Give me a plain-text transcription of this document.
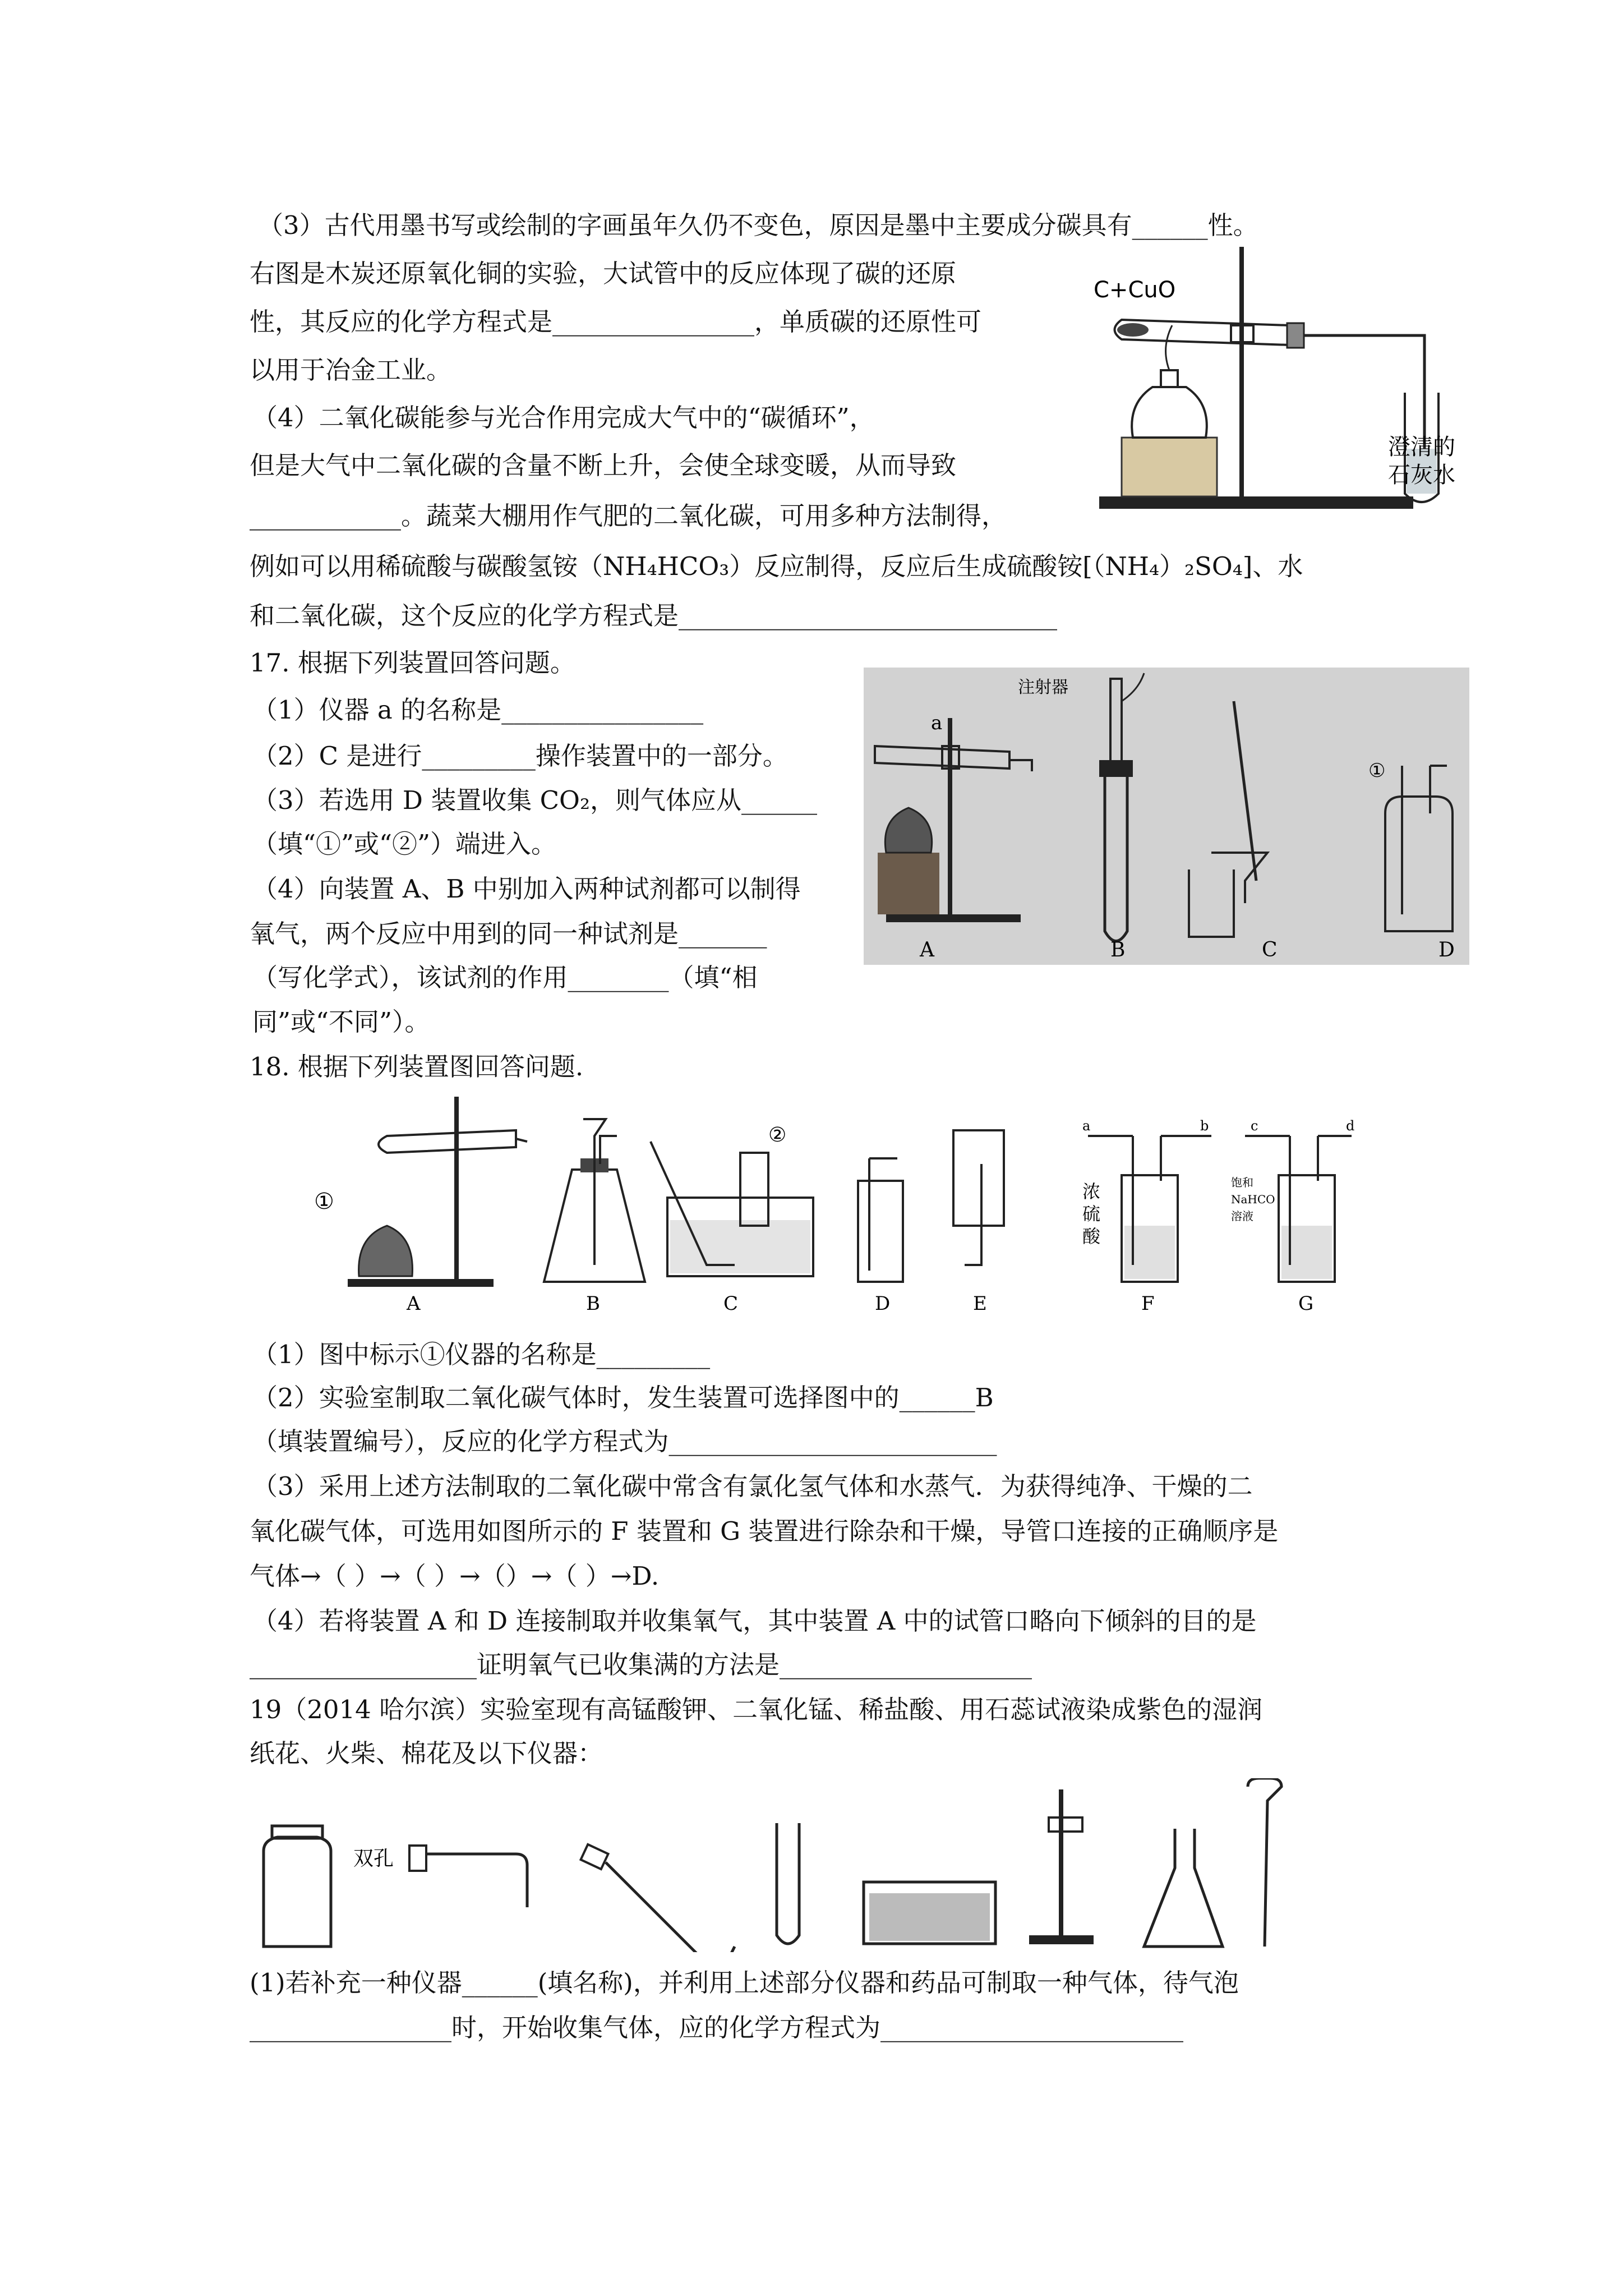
（3）古代用墨书写或绘制的字画虽年久仍不变色，原因是墨中主要成分碳具有______性。
右图是木炭还原氧化铜的实验，大试管中的反应体现了碳的还原
性，其反应的化学方程式是________________，单质碳的还原性可
以用于冶金工业。
（4）二氧化碳能参与光合作用完成大气中的“碳循环”，
但是大气中二氧化碳的含量不断上升，会使全球变暖，从而导致
____________。蔬菜大棚用作气肥的二氧化碳，可用多种方法制得，
例如可以用稀硫酸与碳酸氢铵（NH₄HCO₃）反应制得，反应后生成硫酸铵[（NH₄）₂SO₄]、水
和二氧化碳，这个反应的化学方程式是______________________________
C+CuO
澄清的
石灰水
17. 根据下列装置回答问题。
（1）仪器 a 的名称是________________
（2）C 是进行_________操作装置中的一部分。
（3）若选用 D 装置收集 CO₂，则气体应从______
（填“①”或“②”）端进入。
（4）向装置 A、B 中别加入两种试剂都可以制得
氧气，两个反应中用到的同一种试剂是_______
（写化学式），该试剂的作用________（填“相
同”或“不同”）。
a
注射器
①
A	B	C	D
18. 根据下列装置图回答问题.
①
②	a	b
浓
硫
酸
c	d
饱和
NaHCO
溶液
A	B	C	D	E	F	G
（1）图中标示①仪器的名称是_________
（2）实验室制取二氧化碳气体时，发生装置可选择图中的______B
（填装置编号），反应的化学方程式为__________________________
（3）采用上述方法制取的二氧化碳中常含有氯化氢气体和水蒸气．为获得纯净、干燥的二
氧化碳气体，可选用如图所示的 F 装置和 G 装置进行除杂和干燥，导管口连接的正确顺序是
气体→（ ）→（ ）→（）→（ ）→D.
（4）若将装置 A 和 D 连接制取并收集氧气，其中装置 A 中的试管口略向下倾斜的目的是
__________________证明氧气已收集满的方法是____________________
19（2014 哈尔滨）实验室现有高锰酸钾、二氧化锰、稀盐酸、用石蕊试液染成紫色的湿润
纸花、火柴、棉花及以下仪器：
双孔
(1)若补充一种仪器______(填名称)，并利用上述部分仪器和药品可制取一种气体，待气泡
________________时，开始收集气体，应的化学方程式为________________________
